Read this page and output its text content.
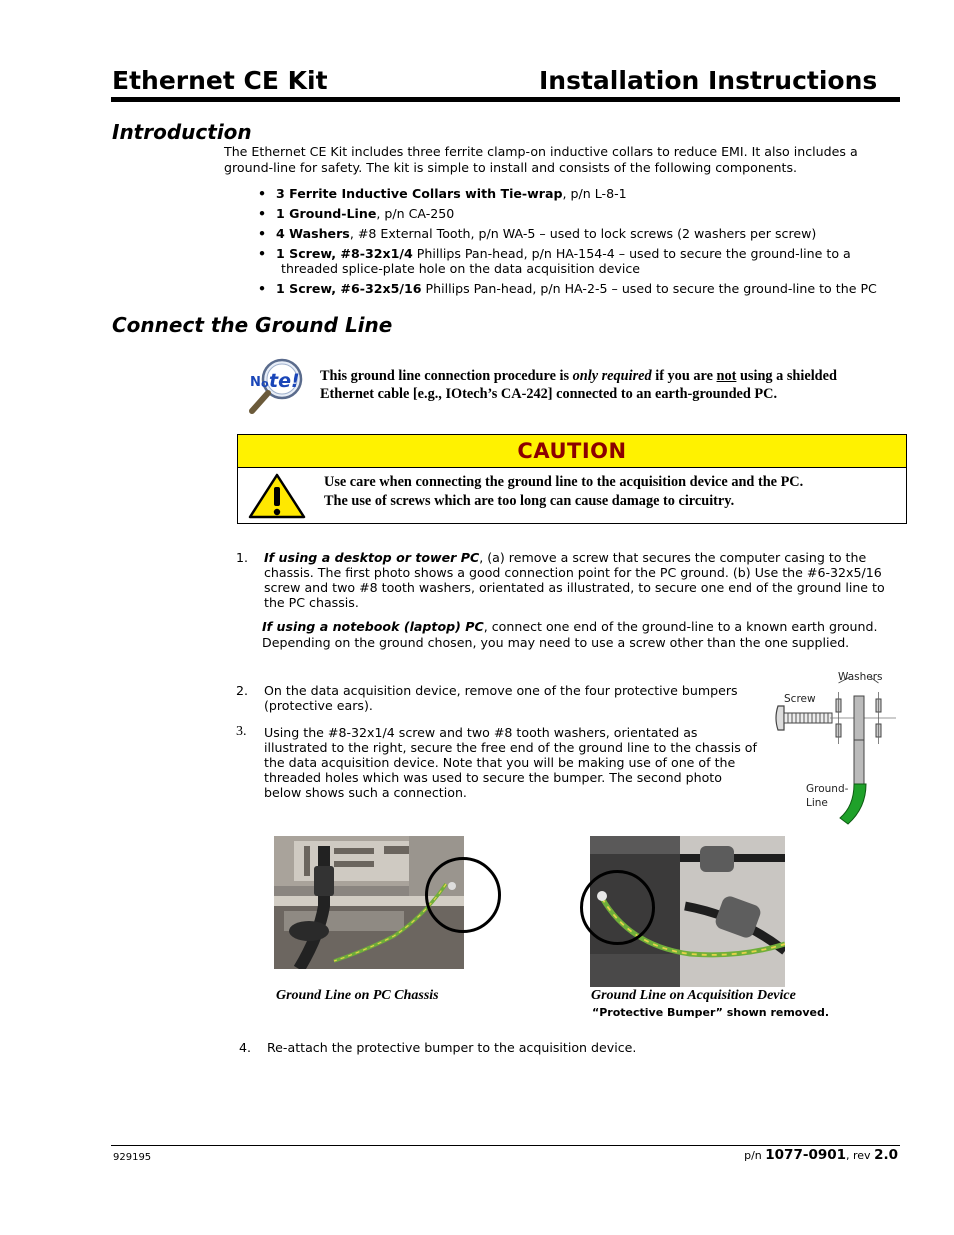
Ethernet CE Kit	Installation Instructions
Introduction
The Ethernet CE Kit includes three ferrite clamp-on inductive collars to reduce EMI. It also includes a
ground-line for safety. The kit is simple to install and consists of the following components.
• 3 Ferrite Inductive Collars with Tie-wrap, p/n L-8-1
• 1 Ground-Line, p/n CA-250
• 4 Washers, #8 External Tooth, p/n WA-5 – used to lock screws (2 washers per screw)
• 1 Screw, #8-32x1/4 Phillips Pan-head, p/n HA-154-4 – used to secure the ground-line to a
threaded splice-plate hole on the data acquisition device
• 1 Screw, #6-32x5/16 Phillips Pan-head, p/n HA-2-5 – used to secure the ground-line to the PC
Connect the Ground Line
N o te! This ground line connection procedure is only required if you are not using a shielded
Ethernet cable [e.g., IOtech’s CA-242] connected to an earth-grounded PC.
CAUTION
Use care when connecting the ground line to the acquisition device and the PC.
The use of screws which are too long can cause damage to circuitry.
1. If using a desktop or tower PC, (a) remove a screw that secures the computer casing to the
chassis. The first photo shows a good connection point for the PC ground. (b) Use the #6-32x5/16
screw and two #8 tooth washers, orientated as illustrated, to secure one end of the ground line to
the PC chassis.
If using a notebook (laptop) PC, connect one end of the ground-line to a known earth ground.
Depending on the ground chosen, you may need to use a screw other than the one supplied.
2. On the data acquisition device, remove one of the four protective bumpers
(protective ears).
3. Using the #8-32x1/4 screw and two #8 tooth washers, orientated as
illustrated to the right, secure the free end of the ground line to the chassis of
the data acquisition device. Note that you will be making use of one of the
threaded holes which was used to secure the bumper. The second photo
below shows such a connection.
Washers
Screw
Ground-
Line
Ground Line on PC Chassis	Ground Line on Acquisition Device
“Protective Bumper” shown removed.
4. Re-attach the protective bumper to the acquisition device.
929195	p/n 1077-0901, rev 2.0
